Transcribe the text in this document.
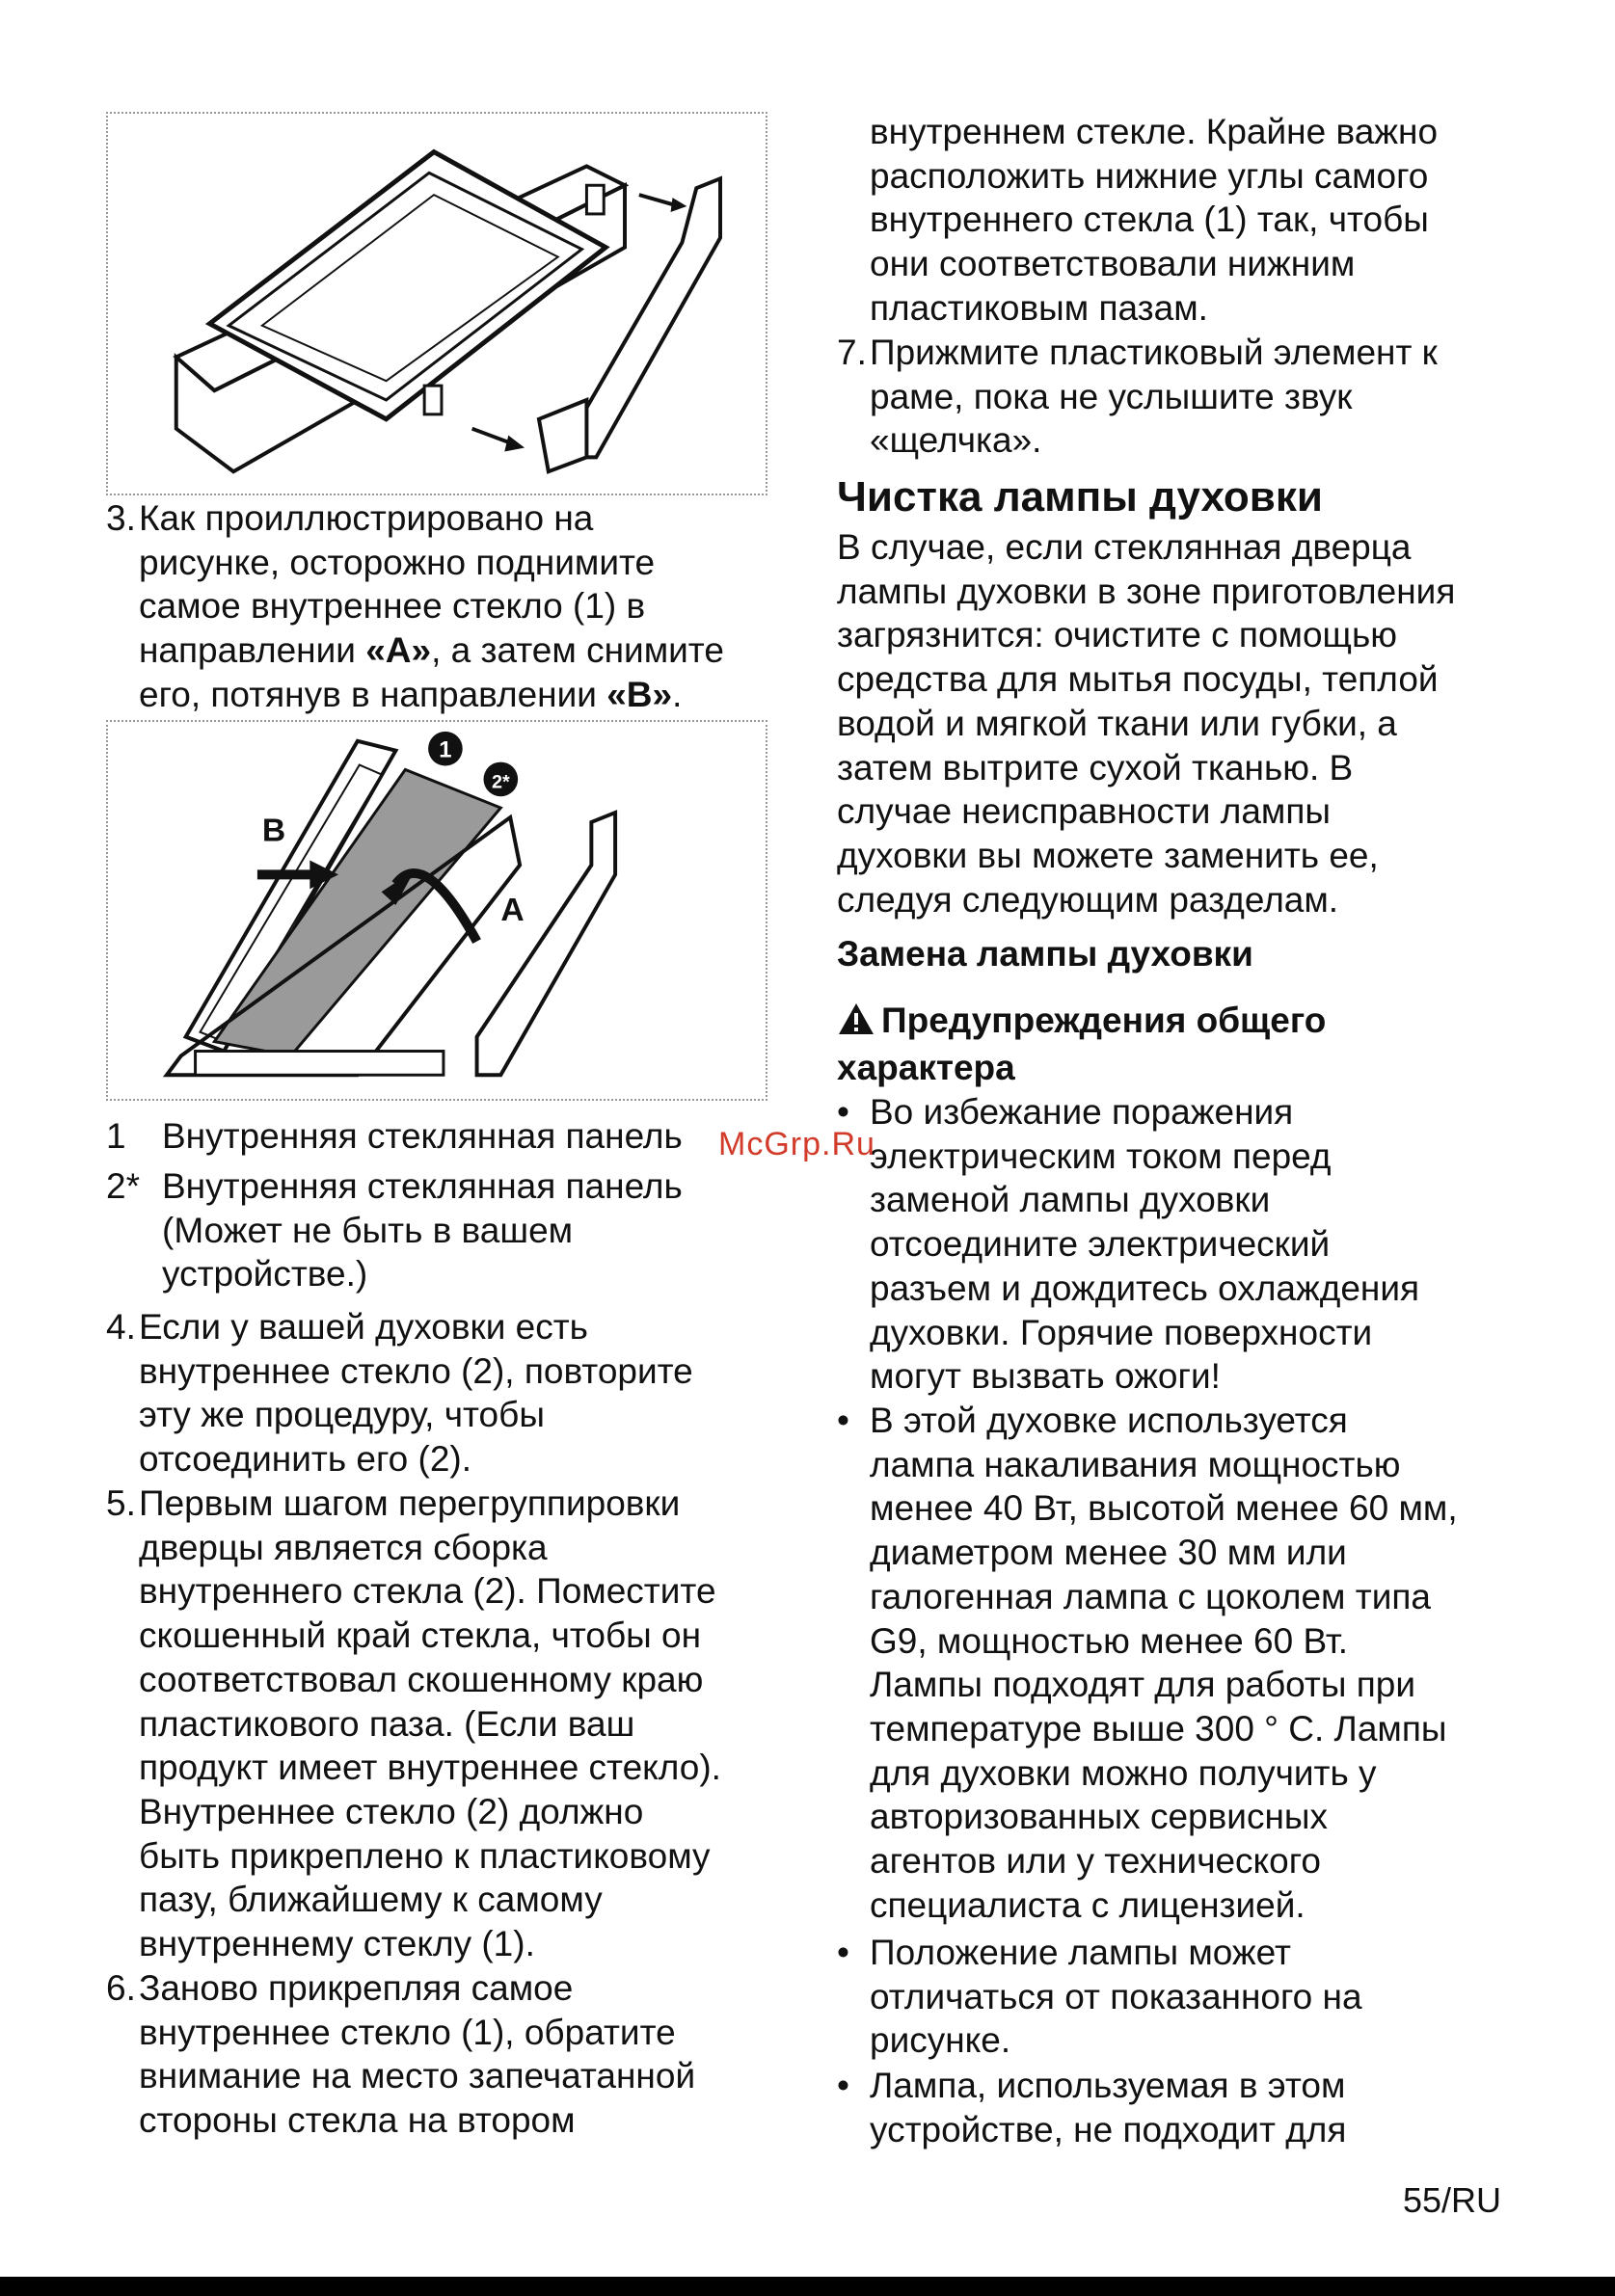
3. Как проиллюстрировано на
рисунке, осторожно поднимите
самое внутреннее стекло (1) в
направлении «А», а затем снимите
его, потянув в направлении «В».
1
2*
B
A
1 Внутренняя стеклянная панель
2* Внутренняя стеклянная панель
(Может не быть в вашем
устройстве.)
4. Если у вашей духовки есть
внутреннее стекло (2), повторите
эту же процедуру, чтобы
отсоединить его (2).
5. Первым шагом перегруппировки
дверцы является сборка
внутреннего стекла (2). Поместите
скошенный край стекла, чтобы он
соответствовал скошенному краю
пластикового паза. (Если ваш
продукт имеет внутреннее стекло).
Внутреннее стекло (2) должно
быть прикреплено к пластиковому
пазу, ближайшему к самому
внутреннему стеклу (1).
6. Заново прикрепляя самое
внутреннее стекло (1), обратите
внимание на место запечатанной
стороны стекла на втором
внутреннем стекле. Крайне важно
расположить нижние углы самого
внутреннего стекла (1) так, чтобы
они соответствовали нижним
пластиковым пазам.
7. Прижмите пластиковый элемент к
раме, пока не услышите звук
«щелчка».
Чистка лампы духовки
В случае, если стеклянная дверца
лампы духовки в зоне приготовления
загрязнится: очистите с помощью
средства для мытья посуды, теплой
водой и мягкой ткани или губки, а
затем вытрите сухой тканью. В
случае неисправности лампы
духовки вы можете заменить ее,
следуя следующим разделам.
Замена лампы духовки
Предупреждения общего
характера
• Во избежание поражения
электрическим током перед
заменой лампы духовки
отсоедините электрический
разъем и дождитесь охлаждения
духовки. Горячие поверхности
могут вызвать ожоги!
• В этой духовке используется
лампа накаливания мощностью
менее 40 Вт, высотой менее 60 мм,
диаметром менее 30 мм или
галогенная лампа с цоколем типа
G9, мощностью менее 60 Вт.
Лампы подходят для работы при
температуре выше 300 ° С. Лампы
для духовки можно получить у
авторизованных сервисных
агентов или у технического
специалиста с лицензией.
• Положение лампы может
отличаться от показанного на
рисунке.
• Лампа, используемая в этом
устройстве, не подходит для
McGrp.Ru
55/RU
